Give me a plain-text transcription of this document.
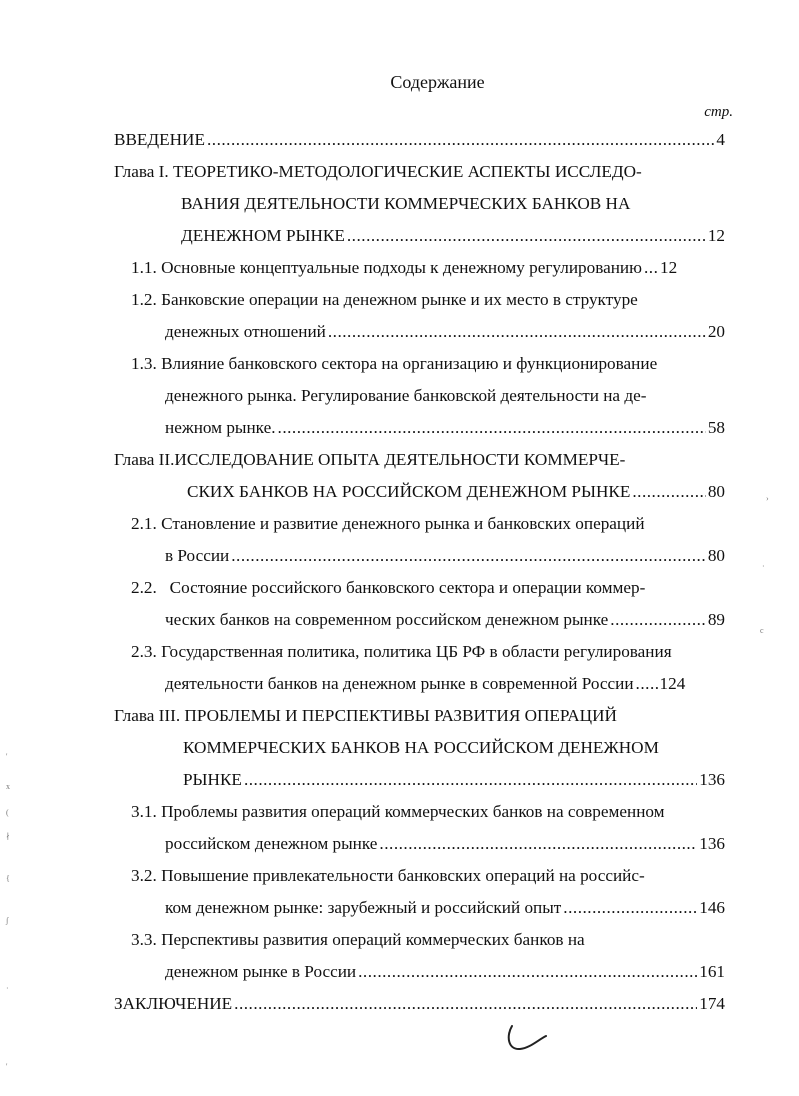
Содержание
стр.
ВВЕДЕНИЕ .....	4
Глава I. ТЕОРЕТИКО-МЕТОДОЛОГИЧЕСКИЕ АСПЕКТЫ ИССЛЕДО-
ВАНИЯ ДЕЯТЕЛЬНОСТИ КОММЕРЧЕСКИХ БАНКОВ НА
ДЕНЕЖНОМ РЫНКЕ .....	12
1.1. Основные концептуальные подходы к денежному регулированию ..... 12
1.2. Банковские операции на денежном рынке и их место в структуре
денежных отношений .....	20
1.3. Влияние банковского сектора на организацию и функционирование
денежного рынка. Регулирование банковской деятельности на де-
нежном рынке. .....	58
Глава II.ИССЛЕДОВАНИЕ ОПЫТА ДЕЯТЕЛЬНОСТИ КОММЕРЧЕ-
СКИХ БАНКОВ НА РОССИЙСКОМ ДЕНЕЖНОМ РЫНКЕ .....	80
2.1. Становление и развитие денежного рынка и банковских операций
в России .....	80
2.2.   Состояние российского банковского сектора и операции коммер-
ческих банков на современном российском денежном рынке .....	89
2.3. Государственная политика, политика ЦБ РФ в области регулирования
деятельности банков на денежном рынке в современной России ..... 124
Глава III. ПРОБЛЕМЫ И ПЕРСПЕКТИВЫ РАЗВИТИЯ ОПЕРАЦИЙ
КОММЕРЧЕСКИХ БАНКОВ НА РОССИЙСКОМ ДЕНЕЖНОМ
РЫНКЕ .....	136
3.1. Проблемы развития операций коммерческих банков на современном
российском денежном рынке .....	136
3.2. Повышение привлекательности банковских операций на российс-
ком денежном рынке: зарубежный и российский опыт .....	146
3.3. Перспективы развития операций коммерческих банков на
денежном рынке в России .....	161
ЗАКЛЮЧЕНИЕ .....	174
›
·
c
'
x
(
∤
{
∫
·
'
